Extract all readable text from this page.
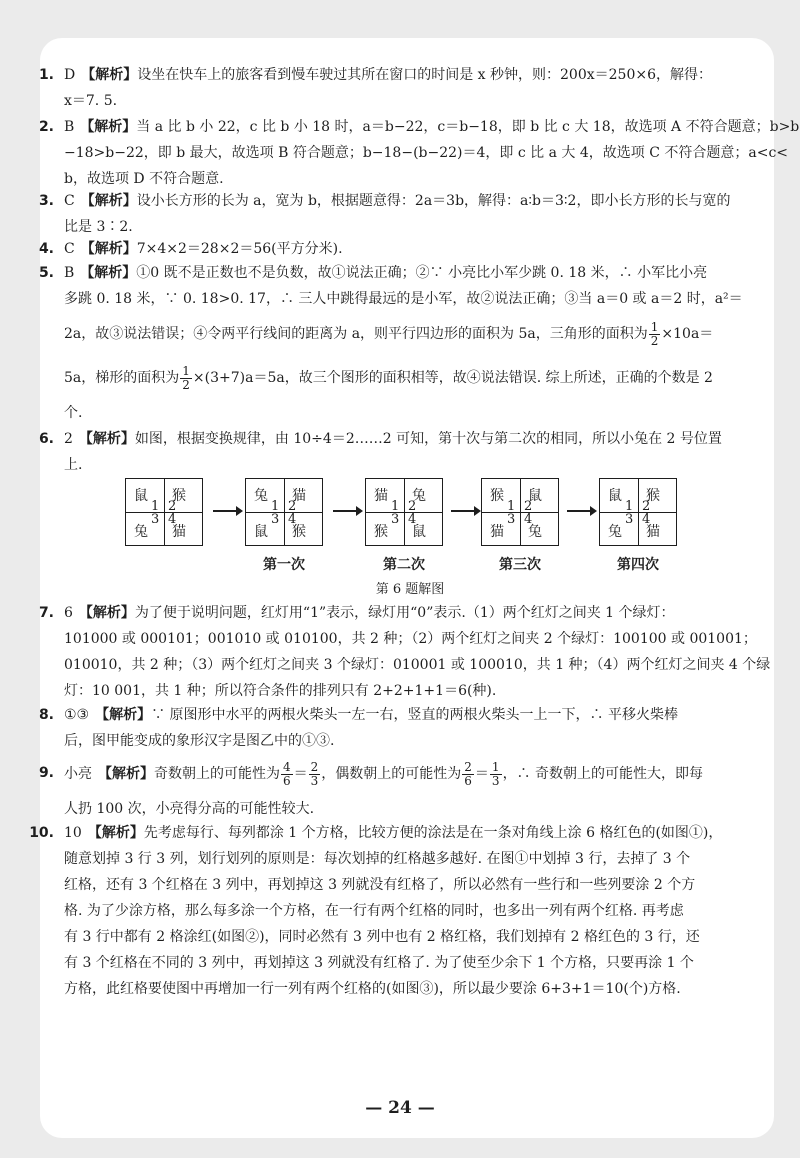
1. D 【解析】设坐在快车上的旅客看到慢车驶过其所在窗口的时间是 x 秒钟，则：200x＝250×6，解得：
x＝7. 5.
2. B 【解析】当 a 比 b 小 22，c 比 b 小 18 时，a＝b−22，c＝b−18，即 b 比 c 大 18，故选项 A 不符合题意；b>b
−18>b−22，即 b 最大，故选项 B 符合题意；b−18−(b−22)＝4，即 c 比 a 大 4，故选项 C 不符合题意；a<c<
b，故选项 D 不符合题意.
3. C 【解析】设小长方形的长为 a，宽为 b，根据题意得：2a＝3b，解得：a∶b＝3∶2，即小长方形的长与宽的
比是 3∶2.
4. C 【解析】7×4×2＝28×2＝56(平方分米).
5. B 【解析】①0 既不是正数也不是负数，故①说法正确；②∵ 小亮比小军少跳 0. 18 米，∴ 小军比小亮
多跳 0. 18 米，∵ 0. 18>0. 17，∴ 三人中跳得最远的是小军，故②说法正确；③当 a＝0 或 a＝2 时，a²＝
2a，故③说法错误；④令两平行线间的距离为 a，则平行四边形的面积为 5a，三角形的面积为 $\frac{1}{2} \times 10a=$
5a，梯形的面积为 $\frac{1}{2} \times(3+7)a=5a$，故三个图形的面积相等，故④说法错误. 综上所述，正确的个数是 2
个.
6. 2 【解析】如图，根据变换规律，由 10÷4＝2……2 可知，第十次与第二次的相同，所以小兔在 2 号位置
上.
鼠 猴
兔 猫
1 2
3 4
兔 猫
鼠 猴
1 2
3 4
第一次
猫 兔
猴 鼠
1 2
3 4
第二次
猴 鼠
猫 兔
1 2
3 4
第三次
鼠 猴
兔 猫
1 2
3 4
第四次
第 6 题解图
7. 6 【解析】为了便于说明问题，红灯用“1”表示，绿灯用“0”表示.（1）两个红灯之间夹 1 个绿灯：
101000 或 000101；001010 或 010100，共 2 种；（2）两个红灯之间夹 2 个绿灯：100100 或 001001；
010010，共 2 种；（3）两个红灯之间夹 3 个绿灯：010001 或 100010，共 1 种；（4）两个红灯之间夹 4 个绿
灯：10 001，共 1 种；所以符合条件的排列只有 2+2+1+1＝6(种).
8. ①③ 【解析】∵ 原图形中水平的两根火柴头一左一右，竖直的两根火柴头一上一下，∴ 平移火柴棒
后，图甲能变成的象形汉字是图乙中的①③.
9. 小亮 【解析】奇数朝上的可能性为 $\frac{4}{6} = \frac{2}{3}$ ，偶数朝上的可能性为 $\frac{2}{6} = \frac{1}{3}$ ，∴ 奇数朝上的可能性大，即每
人扔 100 次，小亮得分高的可能性较大.
10. 10 【解析】先考虑每行、每列都涂 1 个方格，比较方便的涂法是在一条对角线上涂 6 格红色的(如图①)，
随意划掉 3 行 3 列，划行划列的原则是：每次划掉的红格越多越好. 在图①中划掉 3 行，去掉了 3 个
红格，还有 3 个红格在 3 列中，再划掉这 3 列就没有红格了，所以必然有一些行和一些列要涂 2 个方
格. 为了少涂方格，那么每多涂一个方格，在一行有两个红格的同时，也多出一列有两个红格. 再考虑
有 3 行中都有 2 格涂红(如图②)，同时必然有 3 列中也有 2 格红格，我们划掉有 2 格红色的 3 行，还
有 3 个红格在不同的 3 列中，再划掉这 3 列就没有红格了. 为了使至少余下 1 个方格，只要再涂 1 个
方格，此红格要使图中再增加一行一列有两个红格的(如图③)，所以最少要涂 6+3+1＝10(个)方格.
— 24 —
